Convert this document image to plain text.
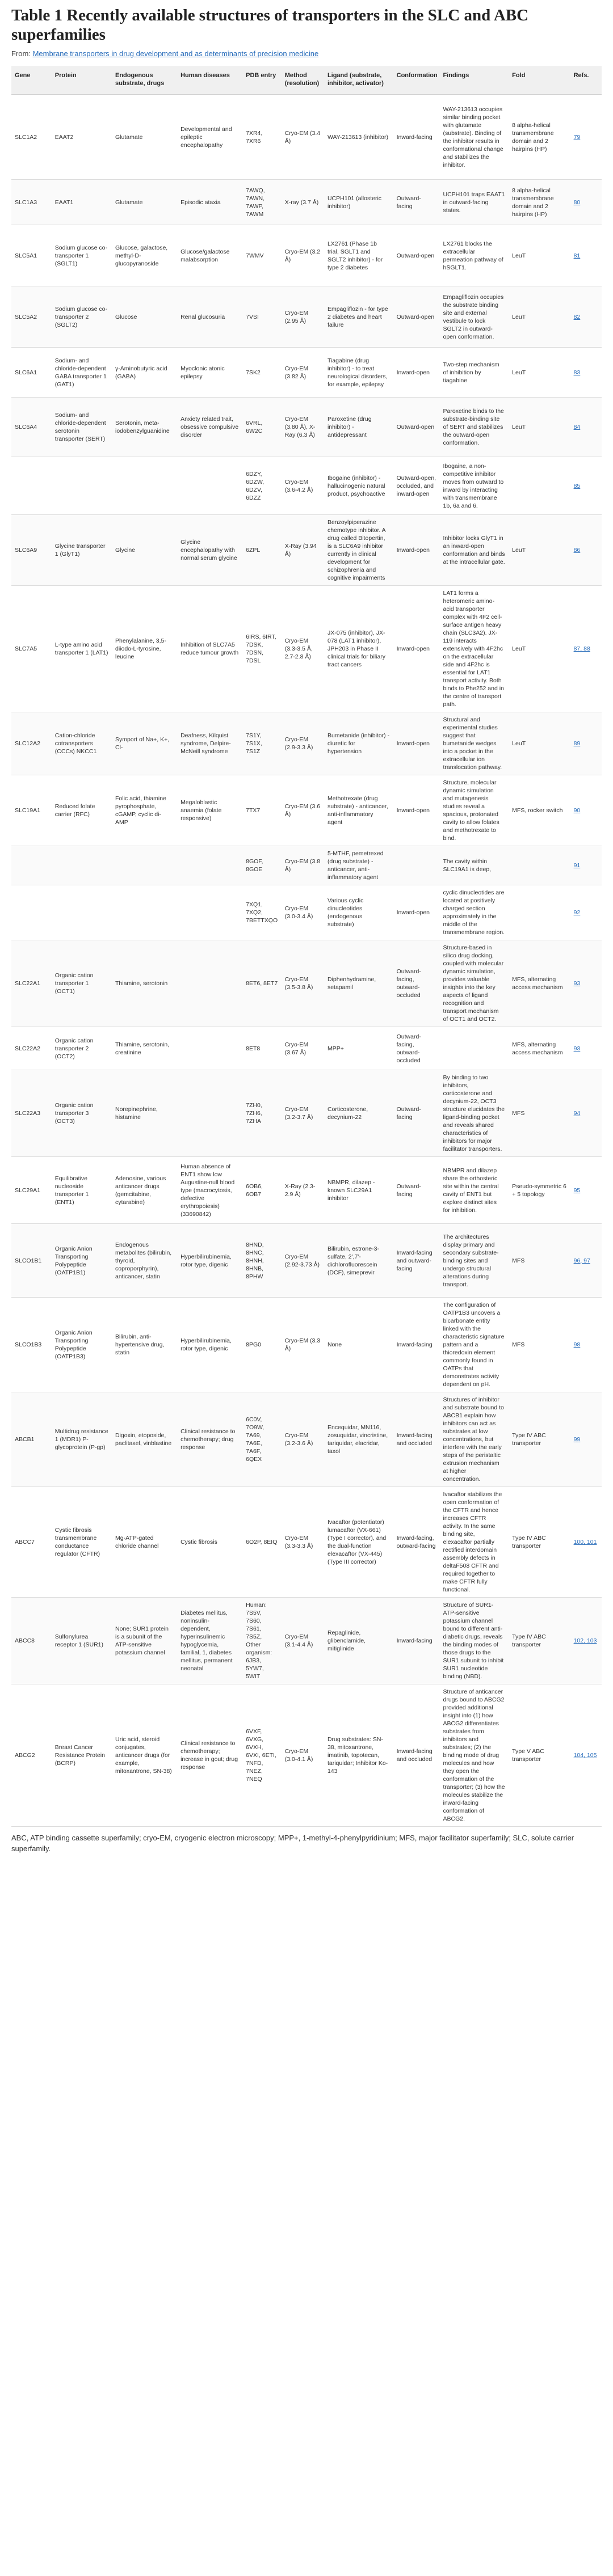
Table 1 Recently available structures of transporters in the SLC and ABC superfamilies
From: Membrane transporters in drug development and as determinants of precision medicine
Gene	Protein	Endogenous substrate, drugs	Human diseases	PDB entry	Method (resolution)	Ligand (substrate, inhibitor, activator)	Conformation	Findings	Fold	Refs.
SLC1A2	EAAT2	Glutamate	Developmental and epileptic encephalopathy	7XR4, 7XR6	Cryo-EM (3.4 Å)	WAY-213613 (inhibitor)	Inward-facing	WAY-213613 occupies similar binding pocket with glutamate (substrate). Binding of the inhibitor results in conformational change and stabilizes the inhibitor.	8 alpha-helical transmembrane domain and 2 hairpins (HP)	79
SLC1A3	EAAT1	Glutamate	Episodic ataxia	7AWQ, 7AWN, 7AWP, 7AWM	X-ray (3.7 Å)	UCPH101 (allosteric inhibitor)	Outward-facing	UCPH101 traps EAAT1 in outward-facing states.	8 alpha-helical transmembrane domain and 2 hairpins (HP)	80
SLC5A1	Sodium glucose co-transporter 1 (SGLT1)	Glucose, galactose, methyl-D-glucopyranoside	Glucose/galactose malabsorption	7WMV	Cryo-EM (3.2 Å)	LX2761 (Phase 1b trial, SGLT1 and SGLT2 inhibitor) - for type 2 diabetes	Outward-open	LX2761 blocks the extracellular permeation pathway of hSGLT1.	LeuT	81
SLC5A2	Sodium glucose co-transporter 2 (SGLT2)	Glucose	Renal glucosuria	7VSI	Cryo-EM (2.95 Å)	Empagliflozin - for type 2 diabetes and heart failure	Outward-open	Empagliflozin occupies the substrate binding site and external vestibule to lock SGLT2 in outward-open conformation.	LeuT	82
SLC6A1	Sodium- and chloride-dependent GABA transporter 1 (GAT1)	γ-Aminobutyric acid (GABA)	Myoclonic atonic epilepsy	7SK2	Cryo-EM (3.82 Å)	Tiagabine (drug inhibitor) - to treat neurological disorders, for example, epilepsy	Inward-open	Two-step mechanism of inhibition by tiagabine	LeuT	83
SLC6A4	Sodium- and chloride-dependent serotonin transporter (SERT)	Serotonin, meta-iodobenzylguanidine	Anxiety related trait, obsessive compulsive disorder	6VRL, 6W2C	Cryo-EM (3.80 Å), X-Ray (6.3 Å)	Paroxetine (drug inhibitor) - antidepressant	Outward-open	Paroxetine binds to the substrate-binding site of SERT and stabilizes the outward-open conformation.	LeuT	84
				6DZY, 6DZW, 6DZV, 6DZZ	Cryo-EM (3.6-4.2 Å)	Ibogaine (inhibitor) - hallucinogenic natural product, psychoactive	Outward-open, occluded, and inward-open	Ibogaine, a non-competitive inhibitor moves from outward to inward by interacting with transmembrane 1b, 6a and 6.		85
SLC6A9	Glycine transporter 1 (GlyT1)	Glycine	Glycine encephalopathy with normal serum glycine	6ZPL	X-Ray (3.94 Å)	Benzoylpiperazine chemotype inhibitor. A drug called Bitopertin, is a SLC6A9 inhibitor currently in clinical development for schizophrenia and cognitive impairments	Inward-open	Inhibitor locks GlyT1 in an inward-open conformation and binds at the intracellular gate.	LeuT	86
SLC7A5	L-type amino acid transporter 1 (LAT1)	Phenylalanine, 3,5-diiodo-L-tyrosine, leucine	Inhibition of SLC7A5 reduce tumour growth	6IRS, 6IRT, 7DSK, 7DSN, 7DSL	Cryo-EM (3.3-3.5 Å, 2.7-2.8 Å)	JX-075 (inhibitor), JX-078 (LAT1 inhibitor), JPH203 in Phase II clinical trials for biliary tract cancers	Inward-open	LAT1 forms a heteromeric amino-acid transporter complex with 4F2 cell-surface antigen heavy chain (SLC3A2). JX-119 interacts extensively with 4F2hc on the extracellular side and 4F2hc is essential for LAT1 transport activity. Both binds to Phe252 and in the centre of transport path.	LeuT	87, 88
SLC12A2	Cation-chloride cotransporters (CCCs) NKCC1	Symport of Na+, K+, Cl-	Deafness, Kilquist syndrome, Delpire-McNeill syndrome	7S1Y, 7S1X, 7S1Z	Cryo-EM (2.9-3.3 Å)	Bumetanide (inhibitor) - diuretic for hypertension	Inward-open	Structural and experimental studies suggest that bumetanide wedges into a pocket in the extracellular ion translocation pathway.	LeuT	89
SLC19A1	Reduced folate carrier (RFC)	Folic acid, thiamine pyrophosphate, cGAMP, cyclic di-AMP	Megaloblastic anaemia (folate responsive)	7TX7	Cryo-EM (3.6 Å)	Methotrexate (drug substrate) - anticancer, anti-inflammatory agent	Inward-open	Structure, molecular dynamic simulation and mutagenesis studies reveal a spacious, protonated cavity to allow folates and methotrexate to bind.	MFS, rocker switch	90
				8GOF, 8GOE	Cryo-EM (3.8 Å)	5-MTHF, pemetrexed (drug substrate) - anticancer, anti-inflammatory agent		The cavity within SLC19A1 is deep,		91
				7XQ1, 7XQ2, 7BETTXQO	Cryo-EM (3.0-3.4 Å)	Various cyclic dinucleotides (endogenous substrate)	Inward-open	cyclic dinucleotides are located at positively charged section approximately in the middle of the transmembrane region.		92
SLC22A1	Organic cation transporter 1 (OCT1)	Thiamine, serotonin		8ET6, 8ET7	Cryo-EM (3.5-3.8 Å)	Diphenhydramine, setapamil	Outward-facing, outward-occluded	Structure-based in silico drug docking, coupled with molecular dynamic simulation, provides valuable insights into the key aspects of ligand recognition and transport mechanism of OCT1 and OCT2.	MFS, alternating access mechanism	93
SLC22A2	Organic cation transporter 2 (OCT2)	Thiamine, serotonin, creatinine		8ET8	Cryo-EM (3.67 Å)	MPP+	Outward-facing, outward-occluded		MFS, alternating access mechanism	93
SLC22A3	Organic cation transporter 3 (OCT3)	Norepinephrine, histamine		7ZH0, 7ZH6, 7ZHA	Cryo-EM (3.2-3.7 Å)	Corticosterone, decynium-22	Outward-facing	By binding to two inhibitors, corticosterone and decynium-22, OCT3 structure elucidates the ligand-binding pocket and reveals shared characteristics of inhibitors for major facilitator transporters.	MFS	94
SLC29A1	Equilibrative nucleoside transporter 1 (ENT1)	Adenosine, various anticancer drugs (gemcitabine, cytarabine)	Human absence of ENT1 show low Augustine-null blood type (macrocytosis, defective erythropoiesis) (33690842)	6OB6, 6OB7	X-Ray (2.3-2.9 Å)	NBMPR, dilazep - known SLC29A1 inhibitor	Outward-facing	NBMPR and dilazep share the orthosteric site within the central cavity of ENT1 but explore distinct sites for inhibition.	Pseudo-symmetric 6 + 5 topology	95
SLCO1B1	Organic Anion Transporting Polypeptide (OATP1B1)	Endogenous metabolites (bilirubin, thyroid, coproporphyrin), anticancer, statin	Hyperbilirubinemia, rotor type, digenic	8HND, 8HNC, 8HNH, 8HNB, 8PHW	Cryo-EM (2.92-3.73 Å)	Bilirubin, estrone-3-sulfate, 2',7'-dichlorofluorescein (DCF), simeprevir	Inward-facing and outward-facing	The architectures display primary and secondary substrate-binding sites and undergo structural alterations during transport.	MFS	96, 97
SLCO1B3	Organic Anion Transporting Polypeptide (OATP1B3)	Bilirubin, anti-hypertensive drug, statin	Hyperbilirubinemia, rotor type, digenic	8PG0	Cryo-EM (3.3 Å)	None	Inward-facing	The configuration of OATP1B3 uncovers a bicarbonate entity linked with the characteristic signature pattern and a thioredoxin element commonly found in OATPs that demonstrates activity dependent on pH.	MFS	98
ABCB1	Multidrug resistance 1 (MDR1) P-glycoprotein (P-gp)	Digoxin, etoposide, paclitaxel, vinblastine	Clinical resistance to chemotherapy; drug response	6C0V, 7O9W, 7A69, 7A6E, 7A6F, 6QEX	Cryo-EM (3.2-3.6 Å)	Encequidar, MN116, zosuquidar, vincristine, tariquidar, elacridar, taxol	Inward-facing and occluded	Structures of inhibitor and substrate bound to ABCB1 explain how inhibitors can act as substrates at low concentrations, but interfere with the early steps of the peristaltic extrusion mechanism at higher concentration.	Type IV ABC transporter	99
ABCC7	Cystic fibrosis transmembrane conductance regulator (CFTR)	Mg-ATP-gated chloride channel	Cystic fibrosis	6O2P, 8EIQ	Cryo-EM (3.3-3.3 Å)	Ivacaftor (potentiator) lumacaftor (VX-661) (Type I corrector), and the dual-function elexacaftor (VX-445) (Type III corrector)	Inward-facing, outward-facing	Ivacaftor stabilizes the open conformation of the CFTR and hence increases CFTR activity. In the same binding site, elexacaftor partially rectified interdomain assembly defects in deltaF508 CFTR and required together to make CFTR fully functional.	Type IV ABC transporter	100, 101
ABCC8	Sulfonylurea receptor 1 (SUR1)	None; SUR1 protein is a subunit of the ATP-sensitive potassium channel	Diabetes mellitus, noninsulin-dependent, hyperinsulinemic hypoglycemia, familial, 1, diabetes mellitus, permanent neonatal	Human: 7S5V, 7S60, 7S61, 7S5Z, Other organism: 6JB3, 5YW7, 5WIT	Cryo-EM (3.1-4.4 Å)	Repaglinide, glibenclamide, mitiglinide	Inward-facing	Structure of SUR1-ATP-sensitive potassium channel bound to different anti-diabetic drugs, reveals the binding modes of those drugs to the SUR1 subunit to inhibit SUR1 nucleotide binding (NBD).	Type IV ABC transporter	102, 103
ABCG2	Breast Cancer Resistance Protein (BCRP)	Uric acid, steroid conjugates, anticancer drugs (for example, mitoxantrone, SN-38)	Clinical resistance to chemotherapy; increase in gout; drug response	6VXF, 6VXG, 6VXH, 6VXI, 6ETI, 7NFD, 7NEZ, 7NEQ	Cryo-EM (3.0-4.1 Å)	Drug substrates: SN-38, mitoxantrone, imatinib, topotecan, tariquidar; Inhibitor Ko-143	Inward-facing and occluded	Structure of anticancer drugs bound to ABCG2 provided additional insight into (1) how ABCG2 differentiates substrates from inhibitors and substrates; (2) the binding mode of drug molecules and how they open the conformation of the transporter; (3) how the molecules stabilize the inward-facing conformation of ABCG2.	Type V ABC transporter	104, 105
ABC, ATP binding cassette superfamily; cryo-EM, cryogenic electron microscopy; MPP+, 1-methyl-4-phenylpyridinium; MFS, major facilitator superfamily; SLC, solute carrier superfamily.
